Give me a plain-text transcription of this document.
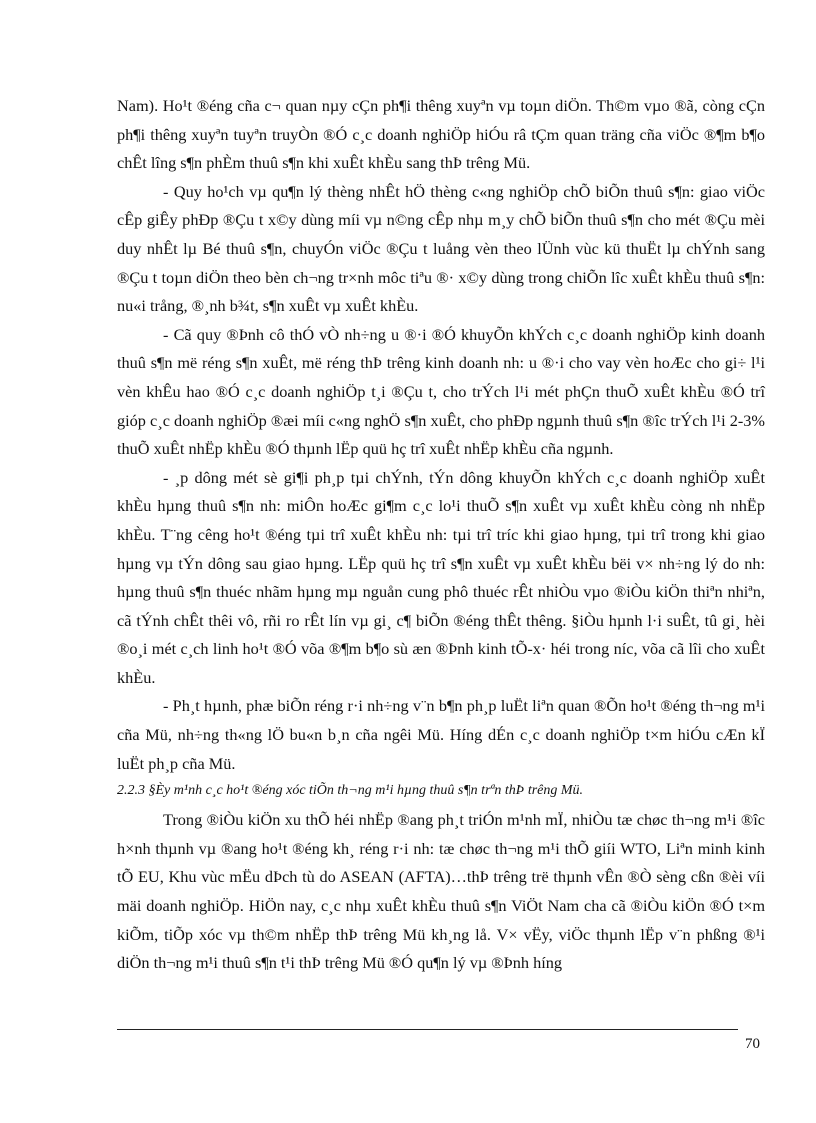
Nam). Ho¹t ®éng cña c¬ quan nµy cÇn ph¶i thêng xuyªn vµ toµn diÖn. Th©m vµo ®ã, còng cÇn ph¶i thêng xuyªn tuyªn truyÒn ®Ó c¸c doanh nghiÖp hiÓu râ tÇm quan träng cña viÖc ®¶m b¶o chÊt lîng s¶n phÈm thuû s¶n khi xuÊt khÈu sang thÞ trêng Mü.

- Quy ho¹ch vµ qu¶n lý thèng nhÊt hÖ thèng c«ng nghiÖp chÕ biÕn thuû s¶n: giao viÖc cÊp giÊy phÐp ®Çu t x©y dùng míi vµ n©ng cÊp nhµ m¸y chÕ biÕn thuû s¶n cho mét ®Çu mèi duy nhÊt lµ Bé thuû s¶n, chuyÓn viÖc ®Çu t luång vèn theo lÜnh vùc kü thuËt lµ chÝnh sang ®Çu t toµn diÖn theo bèn ch¬ng tr×nh môc tiªu ®· x©y dùng trong chiÕn lîc xuÊt khÈu thuû s¶n: nu«i trång, ®¸nh b¾t, s¶n xuÊt vµ xuÊt khÈu.

- Cã quy ®Þnh cô thÓ vÒ nh÷ng u ®·i ®Ó khuyÕn khÝch c¸c doanh nghiÖp kinh doanh thuû s¶n më réng s¶n xuÊt, më réng thÞ trêng kinh doanh nh: u ®·i cho vay vèn hoÆc cho gi÷ l¹i vèn khÊu hao ®Ó c¸c doanh nghiÖp t¸i ®Çu t, cho trÝch l¹i mét phÇn thuÕ xuÊt khÈu ®Ó trî gióp c¸c doanh nghiÖp ®æi míi c«ng nghÖ s¶n xuÊt, cho phÐp ngµnh thuû s¶n ®îc trÝch l¹i 2-3% thuÕ xuÊt nhËp khÈu ®Ó thµnh lËp quü hç trî xuÊt nhËp khÈu cña ngµnh.

- ¸p dông mét sè gi¶i ph¸p tµi chÝnh, tÝn dông khuyÕn khÝch c¸c doanh nghiÖp xuÊt khÈu hµng thuû s¶n nh: miÔn hoÆc gi¶m c¸c lo¹i thuÕ s¶n xuÊt vµ xuÊt khÈu còng nh nhËp khÈu. T¨ng cêng ho¹t ®éng tµi trî xuÊt khÈu nh: tµi trî tríc khi giao hµng, tµi trî trong khi giao hµng vµ tÝn dông sau giao hµng. LËp quü hç trî s¶n xuÊt vµ xuÊt khÈu bëi v× nh÷ng lý do nh: hµng thuû s¶n thuéc nhãm hµng mµ nguån cung phô thuéc rÊt nhiÒu vµo ®iÒu kiÖn thiªn nhiªn, cã tÝnh chÊt thêi vô, rñi ro rÊt lín vµ gi¸ c¶ biÕn ®éng thÊt thêng. §iÒu hµnh l·i suÊt, tû gi¸ hèi ®o¸i mét c¸ch linh ho¹t ®Ó võa ®¶m b¶o sù æn ®Þnh kinh tÕ-x· héi trong níc, võa cã lîi cho xuÊt khÈu.

- Ph¸t hµnh, phæ biÕn réng r·i nh÷ng v¨n b¶n ph¸p luËt liªn quan ®Õn ho¹t ®éng th¬ng m¹i cña Mü, nh÷ng th«ng lÖ bu«n b¸n cña ngêi Mü. Híng dÉn c¸c doanh nghiÖp t×m hiÓu cÆn kÏ luËt ph¸p cña Mü.

2.2.3 §Èy m¹nh c¸c ho¹t ®éng xóc tiÕn th¬ng m¹i hµng thuû s¶n trªn thÞ trêng Mü.

Trong ®iÒu kiÖn xu thÕ héi nhËp ®ang ph¸t triÓn m¹nh mÏ, nhiÒu tæ chøc th¬ng m¹i ®îc h×nh thµnh vµ ®ang ho¹t ®éng kh¸ réng r·i nh: tæ chøc th¬ng m¹i thÕ giíi WTO, Liªn minh kinh tÕ EU, Khu vùc mËu dÞch tù do ASEAN (AFTA)…thÞ trêng trë thµnh vÊn ®Ò sèng cßn ®èi víi mäi doanh nghiÖp. HiÖn nay, c¸c nhµ xuÊt khÈu thuû s¶n ViÖt Nam cha cã ®iÒu kiÖn ®Ó t×m kiÕm, tiÕp xóc vµ th©m nhËp thÞ trêng Mü kh¸ng lå. V× vËy, viÖc thµnh lËp v¨n phßng ®¹i diÖn th¬ng m¹i thuû s¶n t¹i thÞ trêng Mü ®Ó qu¶n lý vµ ®Þnh híng

70
